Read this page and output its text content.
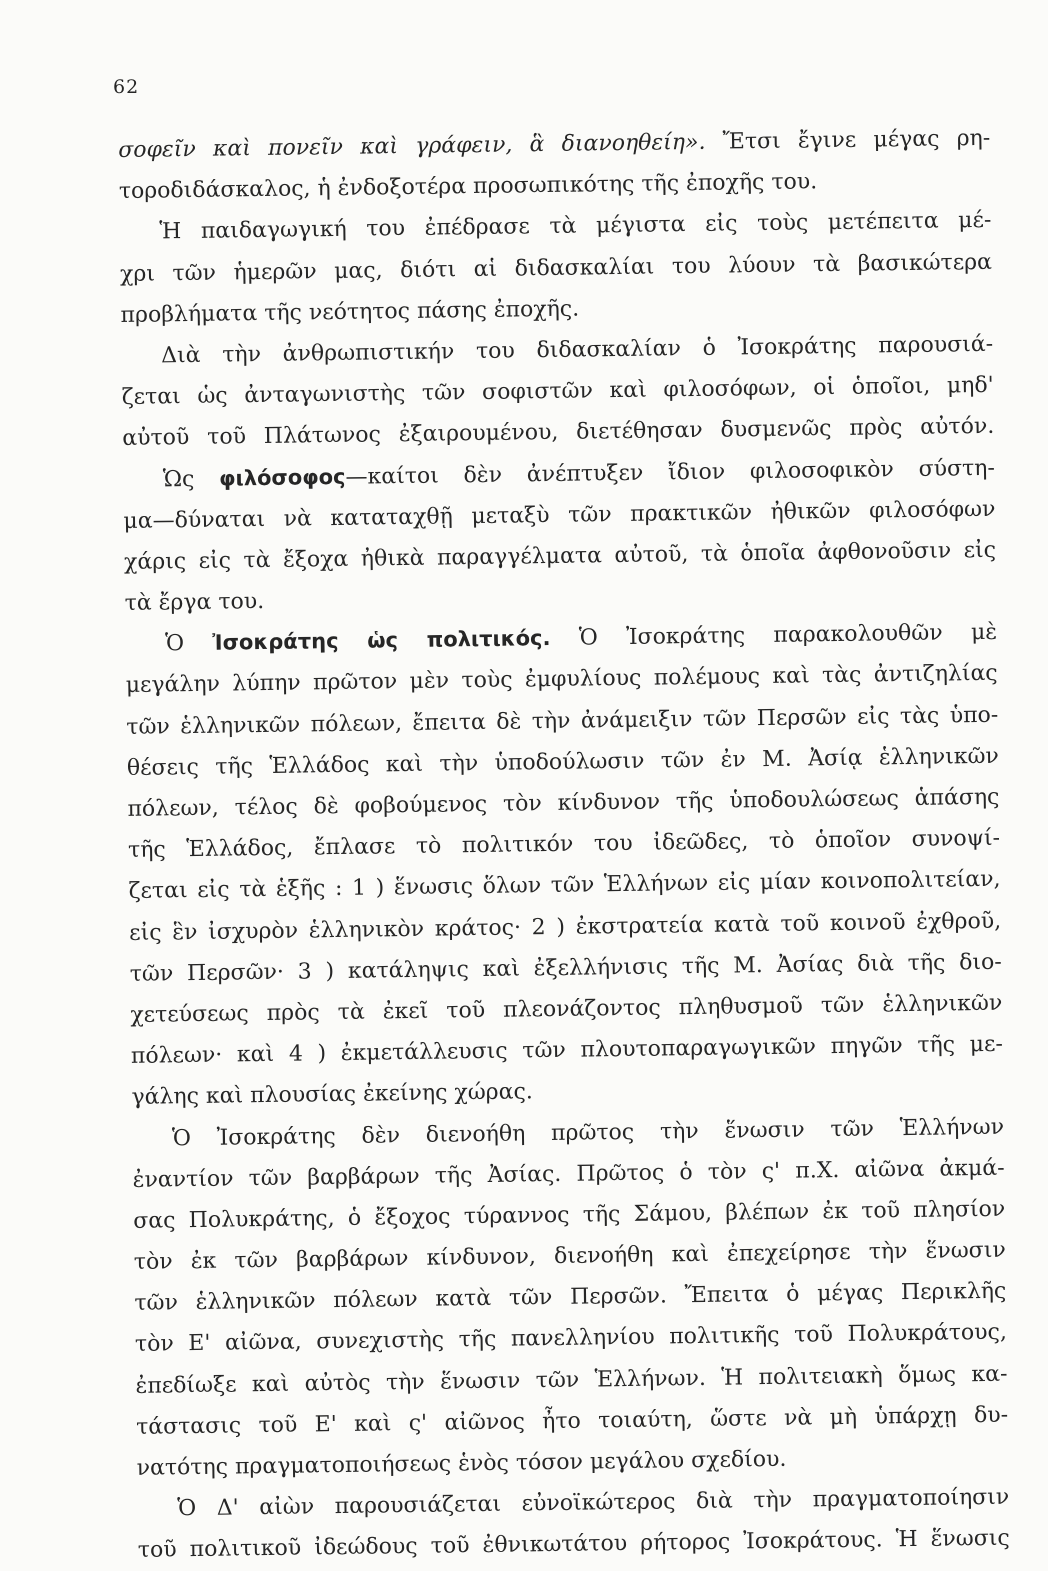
62
σοφεῖν καὶ πονεῖν καὶ γράφειν, ἃ διανοηθείη». Ἔτσι ἔγινε μέγας ρη-
τοροδιδάσκαλος, ἡ ἐνδοξοτέρα προσωπικότης τῆς ἐποχῆς του.
Ἡ παιδαγωγική του ἐπέδρασε τὰ μέγιστα εἰς τοὺς μετέπειτα μέ-
χρι τῶν ἡμερῶν μας, διότι αἱ διδασκαλίαι του λύουν τὰ βασικώτερα
προβλήματα τῆς νεότητος πάσης ἐποχῆς.
Διὰ τὴν ἀνθρωπιστικήν του διδασκαλίαν ὁ Ἰσοκράτης παρουσιά-
ζεται ὡς ἀνταγωνιστὴς τῶν σοφιστῶν καὶ φιλοσόφων, οἱ ὁποῖοι, μηδ'
αὐτοῦ τοῦ Πλάτωνος ἐξαιρουμένου, διετέθησαν δυσμενῶς πρὸς αὐτόν.
Ὡς φιλόσοφος—καίτοι δὲν ἀνέπτυξεν ἴδιον φιλοσοφικὸν σύστη-
μα—δύναται νὰ καταταχθῇ μεταξὺ τῶν πρακτικῶν ἠθικῶν φιλοσόφων
χάρις εἰς τὰ ἔξοχα ἠθικὰ παραγγέλματα αὐτοῦ, τὰ ὁποῖα ἀφθονοῦσιν εἰς
τὰ ἔργα του.
Ὁ Ἰσοκράτης ὡς πολιτικός. Ὁ Ἰσοκράτης παρακολουθῶν μὲ
μεγάλην λύπην πρῶτον μὲν τοὺς ἐμφυλίους πολέμους καὶ τὰς ἀντιζηλίας
τῶν ἑλληνικῶν πόλεων, ἔπειτα δὲ τὴν ἀνάμειξιν τῶν Περσῶν εἰς τὰς ὑπο-
θέσεις τῆς Ἑλλάδος καὶ τὴν ὑποδούλωσιν τῶν ἐν Μ. Ἀσίᾳ ἑλληνικῶν
πόλεων, τέλος δὲ φοβούμενος τὸν κίνδυνον τῆς ὑποδουλώσεως ἁπάσης
τῆς Ἑλλάδος, ἔπλασε τὸ πολιτικόν του ἰδεῶδες, τὸ ὁποῖον συνοψί-
ζεται εἰς τὰ ἑξῆς : 1 ) ἕνωσις ὅλων τῶν Ἑλλήνων εἰς μίαν κοινοπολιτείαν,
εἰς ἓν ἰσχυρὸν ἑλληνικὸν κράτος· 2 ) ἐκστρατεία κατὰ τοῦ κοινοῦ ἐχθροῦ,
τῶν Περσῶν· 3 ) κατάληψις καὶ ἐξελλήνισις τῆς Μ. Ἀσίας διὰ τῆς διο-
χετεύσεως πρὸς τὰ ἐκεῖ τοῦ πλεονάζοντος πληθυσμοῦ τῶν ἑλληνικῶν
πόλεων· καὶ 4 ) ἐκμετάλλευσις τῶν πλουτοπαραγωγικῶν πηγῶν τῆς με-
γάλης καὶ πλουσίας ἐκείνης χώρας.
Ὁ Ἰσοκράτης δὲν διενοήθη πρῶτος τὴν ἕνωσιν τῶν Ἑλλήνων
ἐναντίον τῶν βαρβάρων τῆς Ἀσίας. Πρῶτος ὁ τὸν ς' π.Χ. αἰῶνα ἀκμά-
σας Πολυκράτης, ὁ ἔξοχος τύραννος τῆς Σάμου, βλέπων ἐκ τοῦ πλησίον
τὸν ἐκ τῶν βαρβάρων κίνδυνον, διενοήθη καὶ ἐπεχείρησε τὴν ἕνωσιν
τῶν ἑλληνικῶν πόλεων κατὰ τῶν Περσῶν. Ἔπειτα ὁ μέγας Περικλῆς
τὸν Ε' αἰῶνα, συνεχιστὴς τῆς πανελληνίου πολιτικῆς τοῦ Πολυκράτους,
ἐπεδίωξε καὶ αὐτὸς τὴν ἕνωσιν τῶν Ἑλλήνων. Ἡ πολιτειακὴ ὅμως κα-
τάστασις τοῦ Ε' καὶ ς' αἰῶνος ἦτο τοιαύτη, ὥστε νὰ μὴ ὑπάρχῃ δυ-
νατότης πραγματοποιήσεως ἑνὸς τόσον μεγάλου σχεδίου.
Ὁ Δ' αἰὼν παρουσιάζεται εὐνοϊκώτερος διὰ τὴν πραγματοποίησιν
τοῦ πολιτικοῦ ἰδεώδους τοῦ ἐθνικωτάτου ρήτορος Ἰσοκράτους. Ἡ ἕνωσις
